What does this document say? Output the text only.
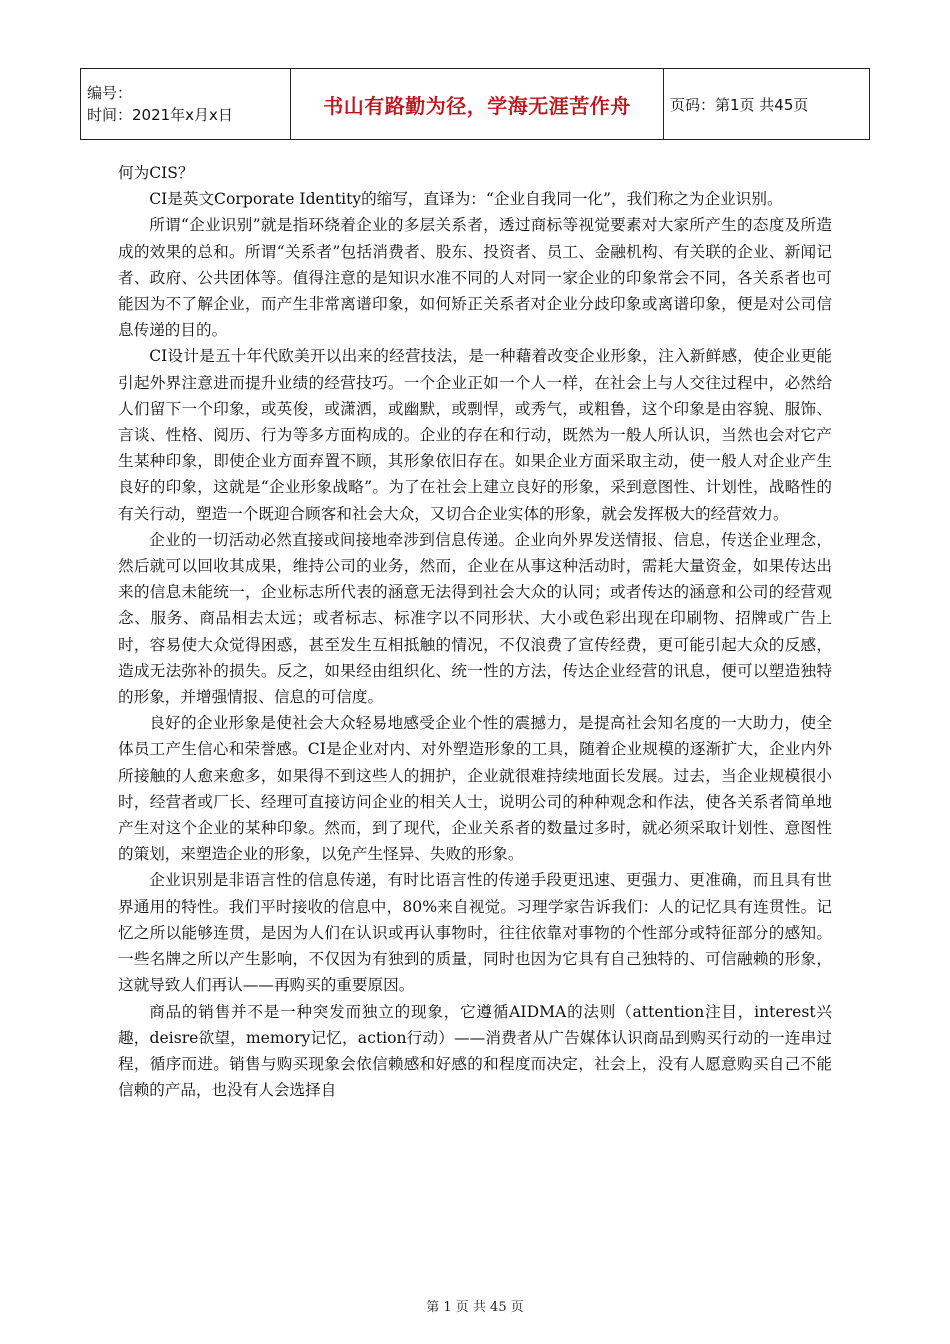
编号：
时间：2021年x月x日	书山有路勤为径，学海无涯苦作舟	页码：第1页 共45页

何为CIS？

CI是英文Corporate Identity的缩写，直译为：“企业自我同一化”，我们称之为企业识别。

所谓“企业识别”就是指环绕着企业的多层关系者，透过商标等视觉要素对大家所产生的态度及所造成的效果的总和。所谓“关系者”包括消费者、股东、投资者、员工、金融机构、有关联的企业、新闻记者、政府、公共团体等。值得注意的是知识水准不同的人对同一家企业的印象常会不同，各关系者也可能因为不了解企业，而产生非常离谱印象，如何矫正关系者对企业分歧印象或离谱印象，便是对公司信息传递的目的。

CI设计是五十年代欧美开以出来的经营技法，是一种藉着改变企业形象，注入新鲜感，使企业更能引起外界注意进而提升业绩的经营技巧。一个企业正如一个人一样，在社会上与人交往过程中，必然给人们留下一个印象，或英俊，或潇洒，或幽默，或剽悍，或秀气，或粗鲁，这个印象是由容貌、服饰、言谈、性格、阅历、行为等多方面构成的。企业的存在和行动，既然为一般人所认识，当然也会对它产生某种印象，即使企业方面弃置不顾，其形象依旧存在。如果企业方面采取主动，使一般人对企业产生良好的印象，这就是“企业形象战略”。为了在社会上建立良好的形象，采到意图性、计划性，战略性的有关行动，塑造一个既迎合顾客和社会大众，又切合企业实体的形象，就会发挥极大的经营效力。

企业的一切活动必然直接或间接地牵涉到信息传递。企业向外界发送情报、信息，传送企业理念，然后就可以回收其成果，维持公司的业务，然而，企业在从事这种活动时，需耗大量资金，如果传达出来的信息未能统一，企业标志所代表的涵意无法得到社会大众的认同；或者传达的涵意和公司的经营观念、服务、商品相去太远；或者标志、标准字以不同形状、大小或色彩出现在印刷物、招牌或广告上时，容易使大众觉得困惑，甚至发生互相抵触的情况，不仅浪费了宣传经费，更可能引起大众的反感，造成无法弥补的损失。反之，如果经由组织化、统一性的方法，传达企业经营的讯息，便可以塑造独特的形象，并增强情报、信息的可信度。

良好的企业形象是使社会大众轻易地感受企业个性的震撼力，是提高社会知名度的一大助力，使全体员工产生信心和荣誉感。CI是企业对内、对外塑造形象的工具，随着企业规模的逐渐扩大，企业内外所接触的人愈来愈多，如果得不到这些人的拥护，企业就很难持续地面长发展。过去，当企业规模很小时，经营者或厂长、经理可直接访问企业的相关人士，说明公司的种种观念和作法，使各关系者简单地产生对这个企业的某种印象。然而，到了现代，企业关系者的数量过多时，就必须采取计划性、意图性的策划，来塑造企业的形象，以免产生怪异、失败的形象。

企业识别是非语言性的信息传递，有时比语言性的传递手段更迅速、更强力、更准确，而且具有世界通用的特性。我们平时接收的信息中，80%来自视觉。习理学家告诉我们：人的记忆具有连贯性。记忆之所以能够连贯，是因为人们在认识或再认事物时，往往依靠对事物的个性部分或特征部分的感知。一些名牌之所以产生影响，不仅因为有独到的质量，同时也因为它具有自己独特的、可信融赖的形象，这就导致人们再认——再购买的重要原因。

商品的销售并不是一种突发而独立的现象，它遵循AIDMA的法则（attention注目，interest兴趣，deisre欲望，memory记忆，action行动）——消费者从广告媒体认识商品到购买行动的一连串过程，循序而进。销售与购买现象会依信赖感和好感的和程度而决定，社会上，没有人愿意购买自己不能信赖的产品，也没有人会选择自

第 1 页 共 45 页
